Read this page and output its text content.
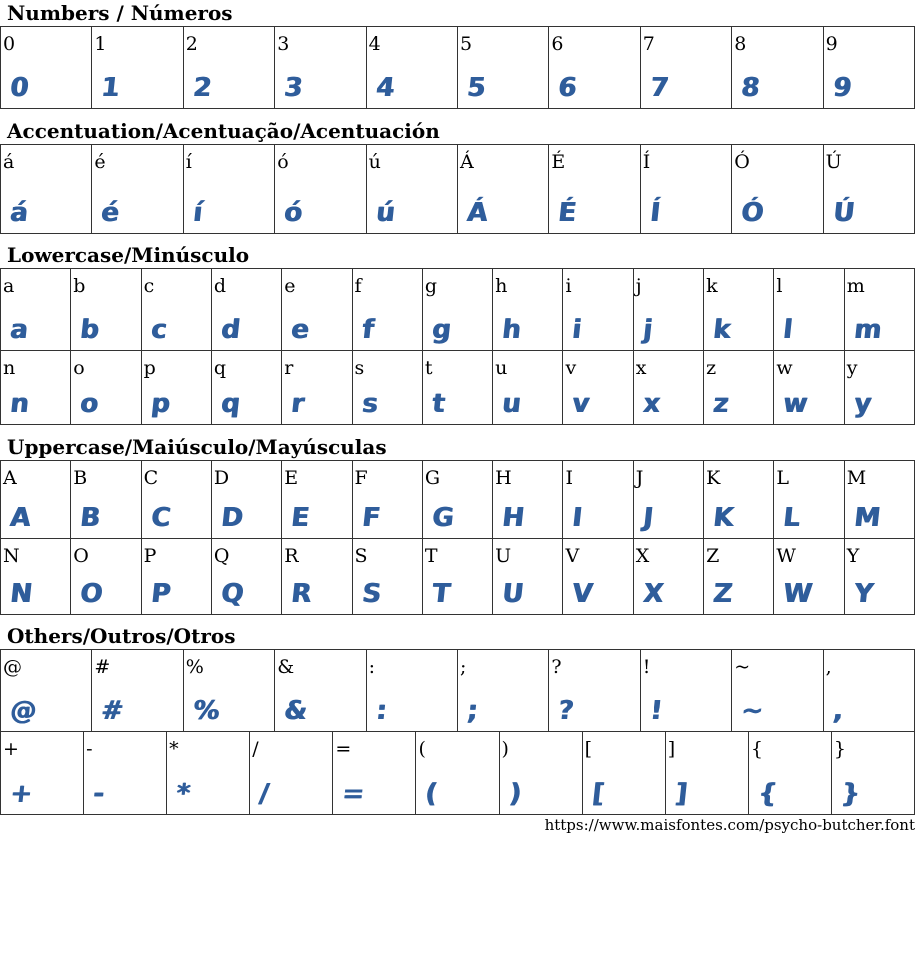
Numbers / Números
0
0
1
1
2
2
3
3
4
4
5
5
6
6
7
7
8
8
9
9
Accentuation/Acentuação/Acentuación
á
á
é
é
í
í
ó
ó
ú
ú
Á
Á
É
É
Í
Í
Ó
Ó
Ú
Ú
Lowercase/Minúsculo
a
a
b
b
c
c
d
d
e
e
f
f
g
g
h
h
i
i
j
j
k
k
l
l
m
m
n
n
o
o
p
p
q
q
r
r
s
s
t
t
u
u
v
v
x
x
z
z
w
w
y
y
Uppercase/Maiúsculo/Mayúsculas
A
A
B
B
C
C
D
D
E
E
F
F
G
G
H
H
I
I
J
J
K
K
L
L
M
M
N
N
O
O
P
P
Q
Q
R
R
S
S
T
T
U
U
V
V
X
X
Z
Z
W
W
Y
Y
Others/Outros/Otros
@
@
#
#
%
%
&
&
:
:
;
;
?
?
!
!
~
~
,
,
+
+
-
-
*
*
/
/
=
=
(
(
)
)
[
[
]
]
{
{
}
}
https://www.maisfontes.com/psycho-butcher.font
